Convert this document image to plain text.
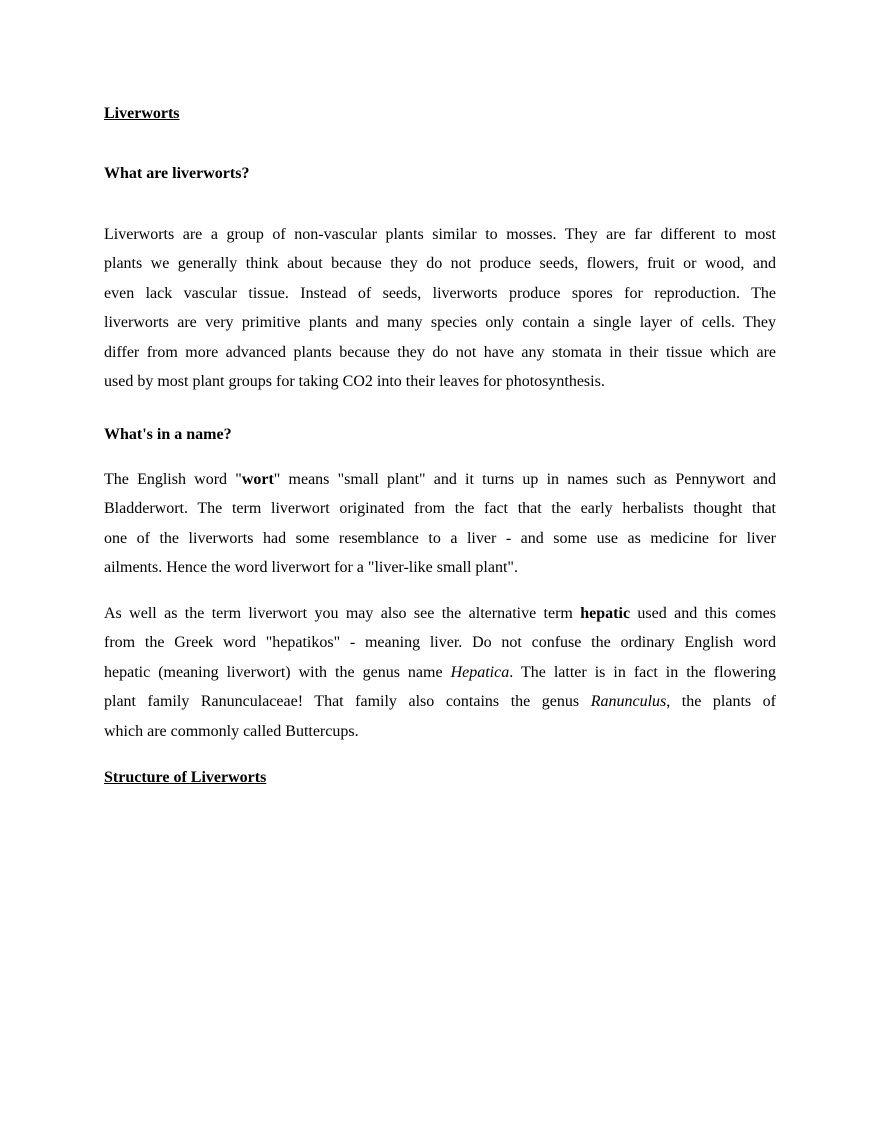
Liverworts
What are liverworts?
Liverworts are a group of non-vascular plants similar to mosses. They are far different to most
plants we generally think about because they do not produce seeds, flowers, fruit or wood, and
even lack vascular tissue. Instead of seeds, liverworts produce spores for reproduction. The
liverworts are very primitive plants and many species only contain a single layer of cells. They
differ from more advanced plants because they do not have any stomata in their tissue which are
used by most plant groups for taking CO2 into their leaves for photosynthesis.
What's in a name?
The English word "wort" means "small plant" and it turns up in names such as Pennywort and
Bladderwort. The term liverwort originated from the fact that the early herbalists thought that
one of the liverworts had some resemblance to a liver - and some use as medicine for liver
ailments. Hence the word liverwort for a "liver-like small plant".
As well as the term liverwort you may also see the alternative term hepatic used and this comes
from the Greek word "hepatikos" - meaning liver. Do not confuse the ordinary English word
hepatic (meaning liverwort) with the genus name Hepatica. The latter is in fact in the flowering
plant family Ranunculaceae! That family also contains the genus Ranunculus, the plants of
which are commonly called Buttercups.
Structure of Liverworts
